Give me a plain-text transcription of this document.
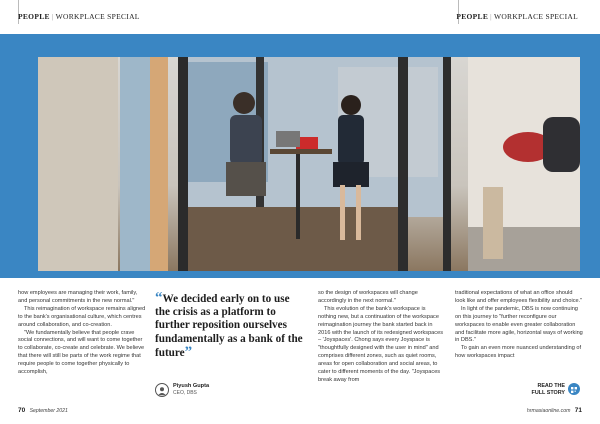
PEOPLE | WORKPLACE SPECIAL	PEOPLE | WORKPLACE SPECIAL

how employees are managing their work, family, and personal commitments in the new normal."

This reimagination of workspace remains aligned to the bank's organisational culture, which centres around collaboration, and co-creation.

"We fundamentally believe that people crave social connections, and will want to come together to collaborate, co-create and celebrate. We believe that there will still be parts of the work regime that require people to come together physically to accomplish,

“We decided early on to use the crisis as a platform to further reposition ourselves fundamentally as a bank of the future”
Piyush Gupta
CEO, DBS

so the design of workspaces will change accordingly in the next normal."

This evolution of the bank's workspace is nothing new, but a continuation of the workspace reimagination journey the bank started back in 2016 with the launch of its redesigned workspaces – 'Joyspaces'. Chong says every Joyspace is "thoughtfully designed with the user in mind" and comprises different zones, such as quiet rooms, areas for open collaboration and social areas, to cater to different moments of the day. "Joyspaces break away from

traditional expectations of what an office should look like and offer employees flexibility and choice."

In light of the pandemic, DBS is now continuing on this journey to "further reconfigure our workspaces to enable even greater collaboration and facilitate more agile, horizontal ways of working in DBS."

To gain an even more nuanced understanding of how workspaces impact

READ THE
FULL STORY
70 September 2021	hrmasiaonline.com 71
